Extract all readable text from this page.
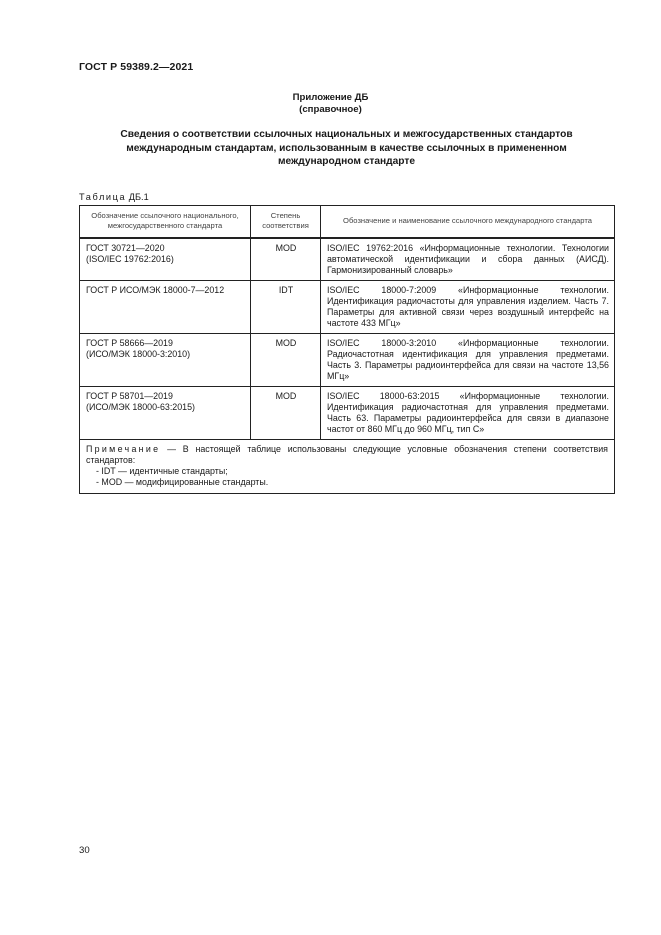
ГОСТ Р 59389.2—2021
Приложение ДБ
(справочное)
Сведения о соответствии ссылочных национальных и межгосударственных стандартов международным стандартам, использованным в качестве ссылочных в примененном международном стандарте
Таблица ДБ.1
Обозначение ссылочного национального, межгосударственного стандарта	Степень соответствия	Обозначение и наименование ссылочного международного стандарта

ГОСТ 30721—2020
(ISO/IEC 19762:2016)	MOD	ISO/IEC 19762:2016 «Информационные технологии. Технологии автоматической идентификации и сбора данных (АИСД). Гармонизированный словарь»

ГОСТ Р ИСО/МЭК 18000-7—2012	IDT	ISO/IEC 18000-7:2009 «Информационные технологии. Идентификация радиочастоты для управления изделием. Часть 7. Параметры для активной связи через воздушный интерфейс на частоте 433 МГц»

ГОСТ Р 58666—2019
(ИСО/МЭК 18000-3:2010)	MOD	ISO/IEC 18000-3:2010 «Информационные технологии. Радиочастотная идентификация для управления предметами. Часть 3. Параметры радиоинтерфейса для связи на частоте 13,56 МГц»

ГОСТ Р 58701—2019
(ИСО/МЭК 18000-63:2015)	MOD	ISO/IEC 18000-63:2015 «Информационные технологии. Идентификация радиочастотная для управления предметами. Часть 63. Параметры радиоинтерфейса для связи в диапазоне частот от 860 МГц до 960 МГц, тип С»
Примечание — В настоящей таблице использованы следующие условные обозначения степени соответствия стандартов:
- IDT — идентичные стандарты;
- MOD — модифицированные стандарты.		
30
